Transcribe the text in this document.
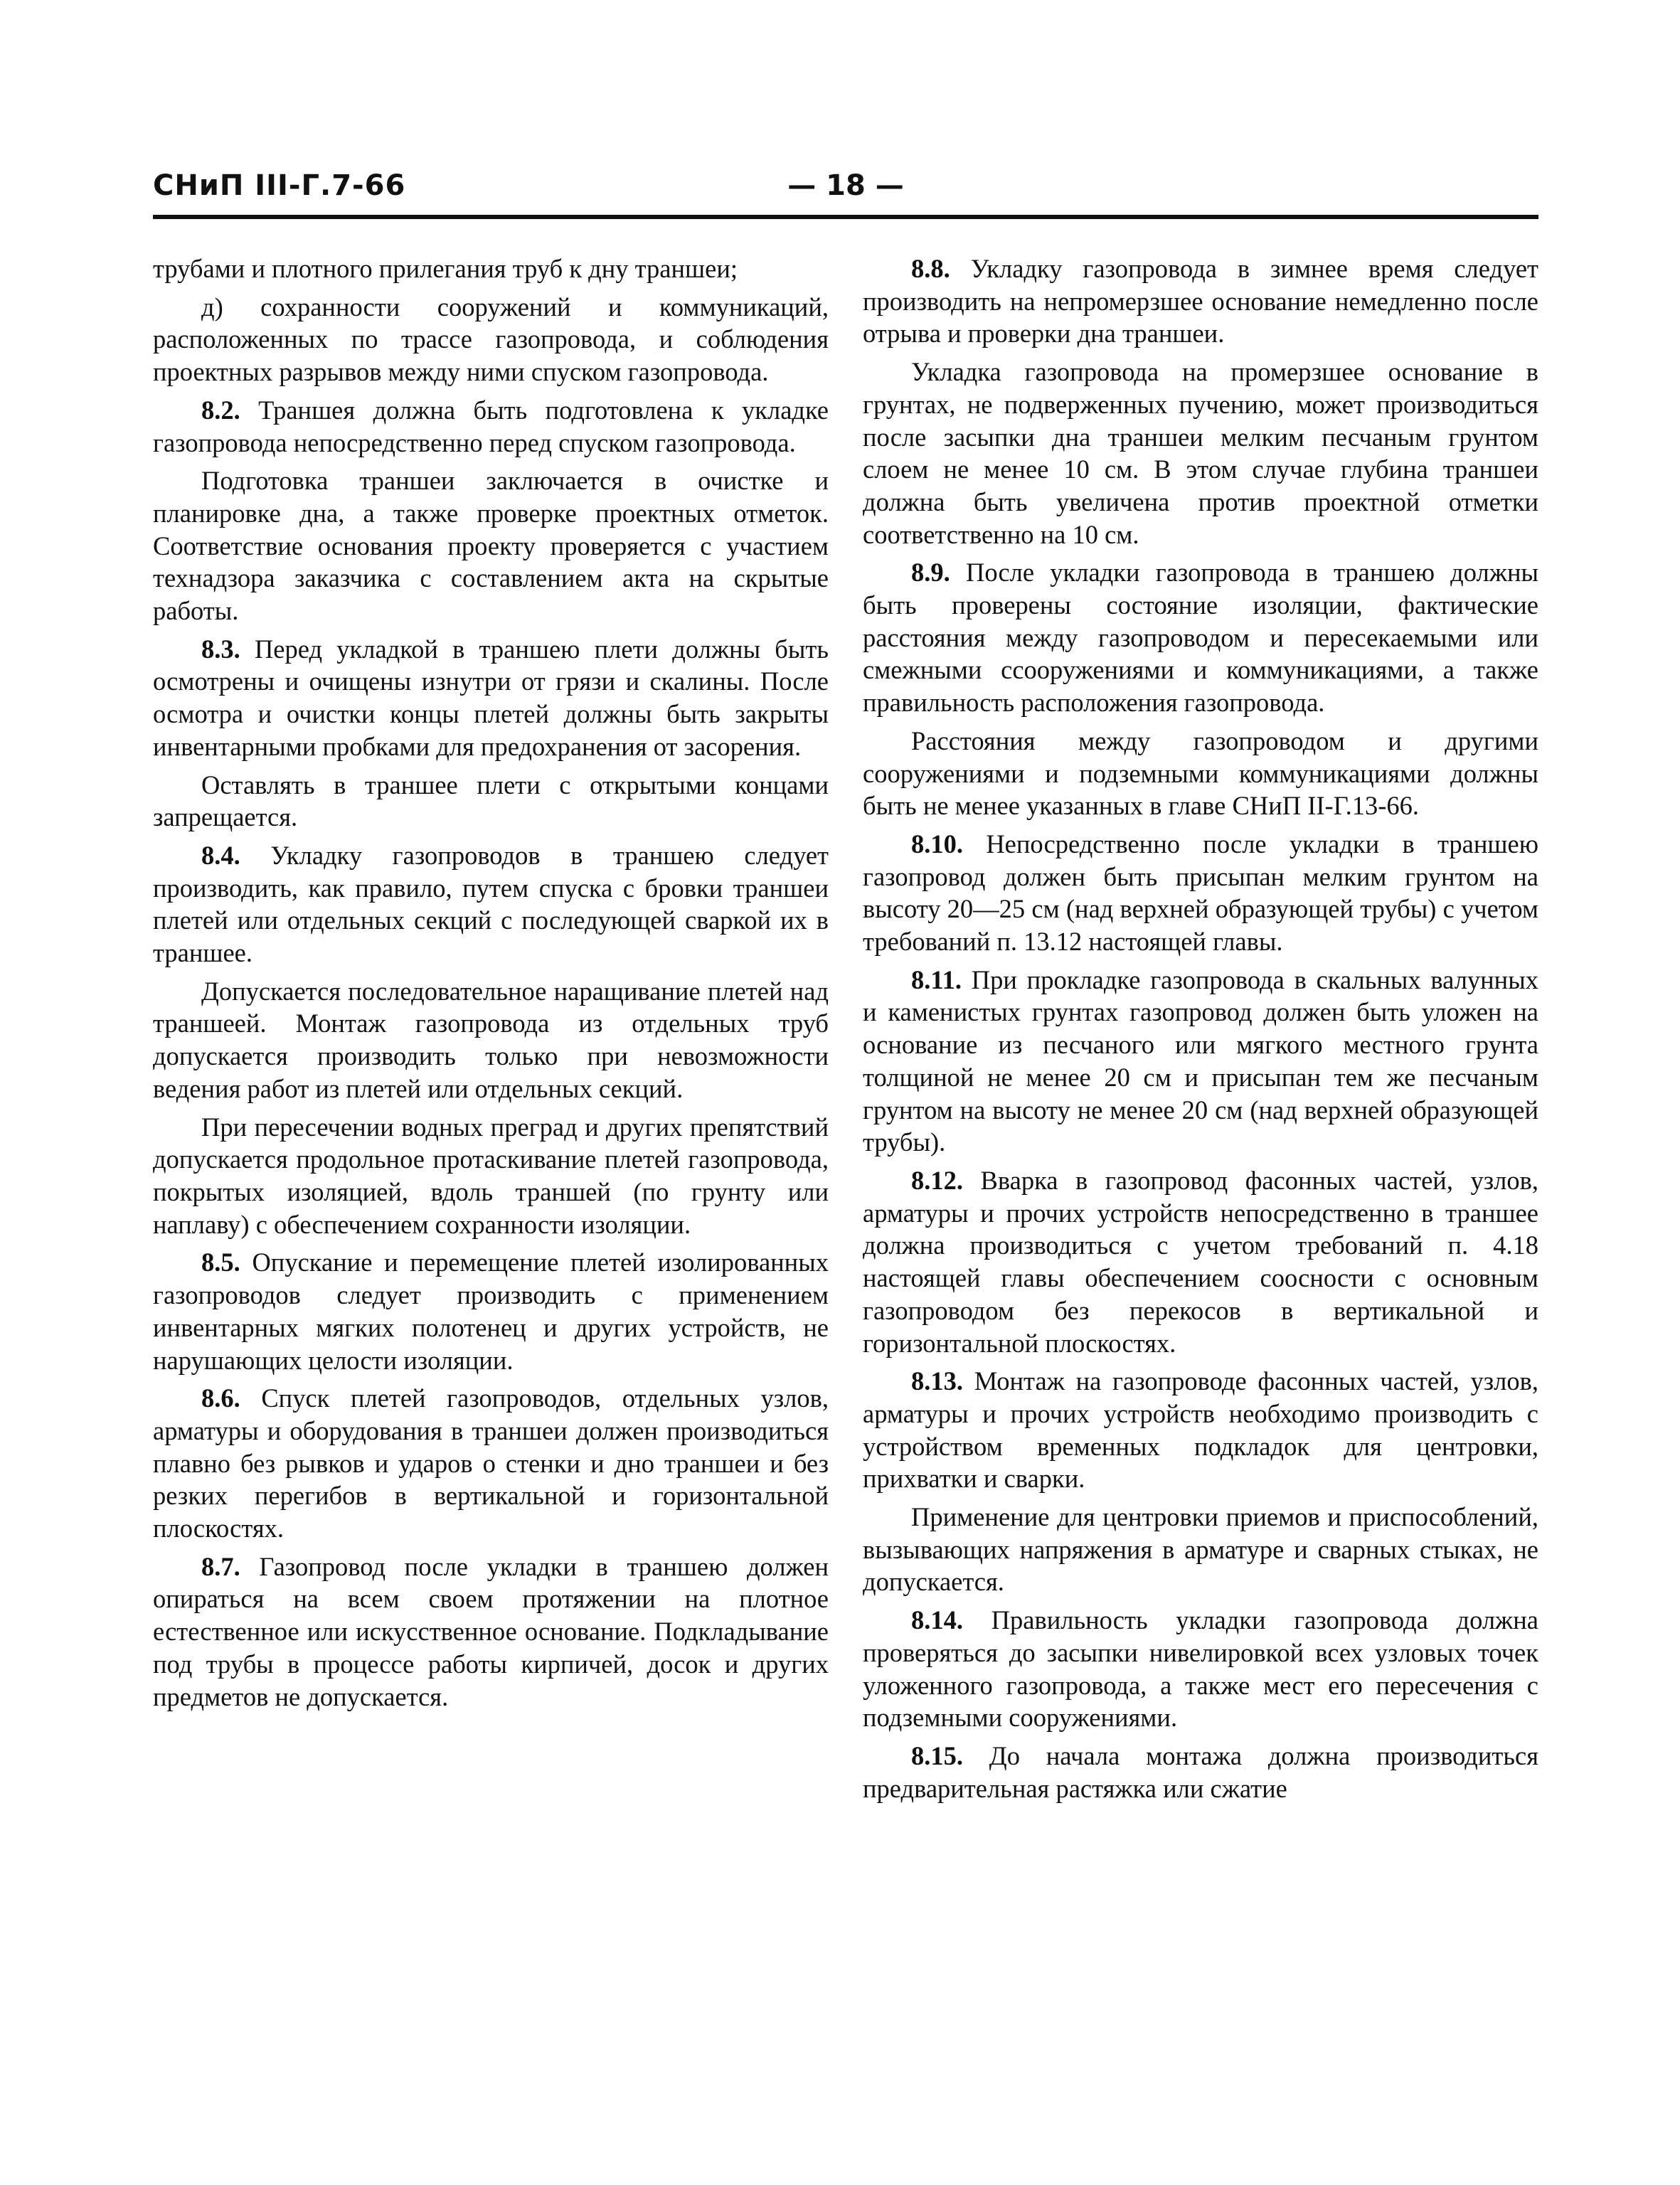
СНиП III-Г.7-66	— 18 —

трубами и плотного прилегания труб к дну траншеи;

д) сохранности сооружений и коммуникаций, расположенных по трассе газопровода, и соблюдения проектных разрывов между ними спуском газопровода.

8.2. Траншея должна быть подготовлена к укладке газопровода непосредственно перед спуском газопровода.

Подготовка траншеи заключается в очистке и планировке дна, а также проверке проектных отметок. Соответствие основания проекту проверяется с участием технадзора заказчика с составлением акта на скрытые работы.

8.3. Перед укладкой в траншею плети должны быть осмотрены и очищены изнутри от грязи и скалины. После осмотра и очистки концы плетей должны быть закрыты инвентарными пробками для предохранения от засорения.

Оставлять в траншее плети с открытыми концами запрещается.

8.4. Укладку газопроводов в траншею следует производить, как правило, путем спуска с бровки траншеи плетей или отдельных секций с последующей сваркой их в траншее.

Допускается последовательное наращивание плетей над траншеей. Монтаж газопровода из отдельных труб допускается производить только при невозможности ведения работ из плетей или отдельных секций.

При пересечении водных преград и других препятствий допускается продольное протаскивание плетей газопровода, покрытых изоляцией, вдоль траншей (по грунту или наплаву) с обеспечением сохранности изоляции.

8.5. Опускание и перемещение плетей изолированных газопроводов следует производить с применением инвентарных мягких полотенец и других устройств, не нарушающих целости изоляции.

8.6. Спуск плетей газопроводов, отдельных узлов, арматуры и оборудования в траншеи должен производиться плавно без рывков и ударов о стенки и дно траншеи и без резких перегибов в вертикальной и горизонтальной плоскостях.

8.7. Газопровод после укладки в траншею должен опираться на всем своем протяжении на плотное естественное или искусственное основание. Подкладывание под трубы в процессе работы кирпичей, досок и других предметов не допускается.

8.8. Укладку газопровода в зимнее время следует производить на непромерзшее основание немедленно после отрыва и проверки дна траншеи.

Укладка газопровода на промерзшее основание в грунтах, не подверженных пучению, может производиться после засыпки дна траншеи мелким песчаным грунтом слоем не менее 10 см. В этом случае глубина траншеи должна быть увеличена против проектной отметки соответственно на 10 см.

8.9. После укладки газопровода в траншею должны быть проверены состояние изоляции, фактические расстояния между газопроводом и пересекаемыми или смежными ссооружениями и коммуникациями, а также правильность расположения газопровода.

Расстояния между газопроводом и другими сооружениями и подземными коммуникациями должны быть не менее указанных в главе СНиП II-Г.13-66.

8.10. Непосредственно после укладки в траншею газопровод должен быть присыпан мелким грунтом на высоту 20—25 см (над верхней образующей трубы) с учетом требований п. 13.12 настоящей главы.

8.11. При прокладке газопровода в скальных валунных и каменистых грунтах газопровод должен быть уложен на основание из песчаного или мягкого местного грунта толщиной не менее 20 см и присыпан тем же песчаным грунтом на высоту не менее 20 см (над верхней образующей трубы).

8.12. Вварка в газопровод фасонных частей, узлов, арматуры и прочих устройств непосредственно в траншее должна производиться с учетом требований п. 4.18 настоящей главы обеспечением соосности с основным газопроводом без перекосов в вертикальной и горизонтальной плоскостях.

8.13. Монтаж на газопроводе фасонных частей, узлов, арматуры и прочих устройств необходимо производить с устройством временных подкладок для центровки, прихватки и сварки.

Применение для центровки приемов и приспособлений, вызывающих напряжения в арматуре и сварных стыках, не допускается.

8.14. Правильность укладки газопровода должна проверяться до засыпки нивелировкой всех узловых точек уложенного газопровода, а также мест его пересечения с подземными сооружениями.

8.15. До начала монтажа должна производиться предварительная растяжка или сжатие
